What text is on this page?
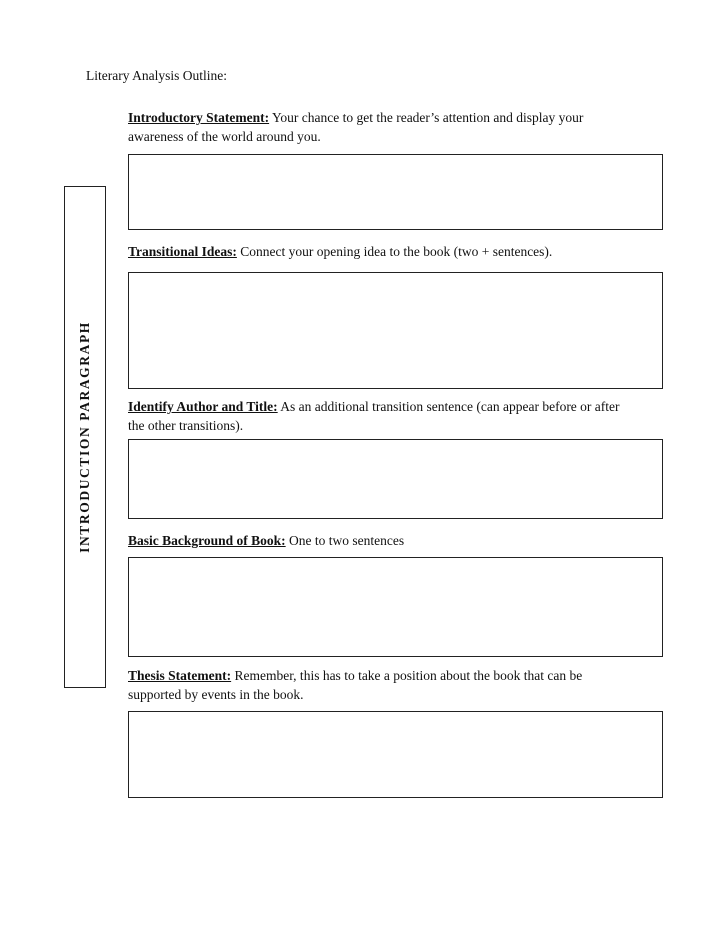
Literary Analysis Outline:
INTRODUCTION PARAGRAPH

Introductory Statement: Your chance to get the reader’s attention and display your awareness of the world around you.

Transitional Ideas: Connect your opening idea to the book (two + sentences).

Identify Author and Title: As an additional transition sentence (can appear before or after the other transitions).

Basic Background of Book: One to two sentences

Thesis Statement: Remember, this has to take a position about the book that can be supported by events in the book.
